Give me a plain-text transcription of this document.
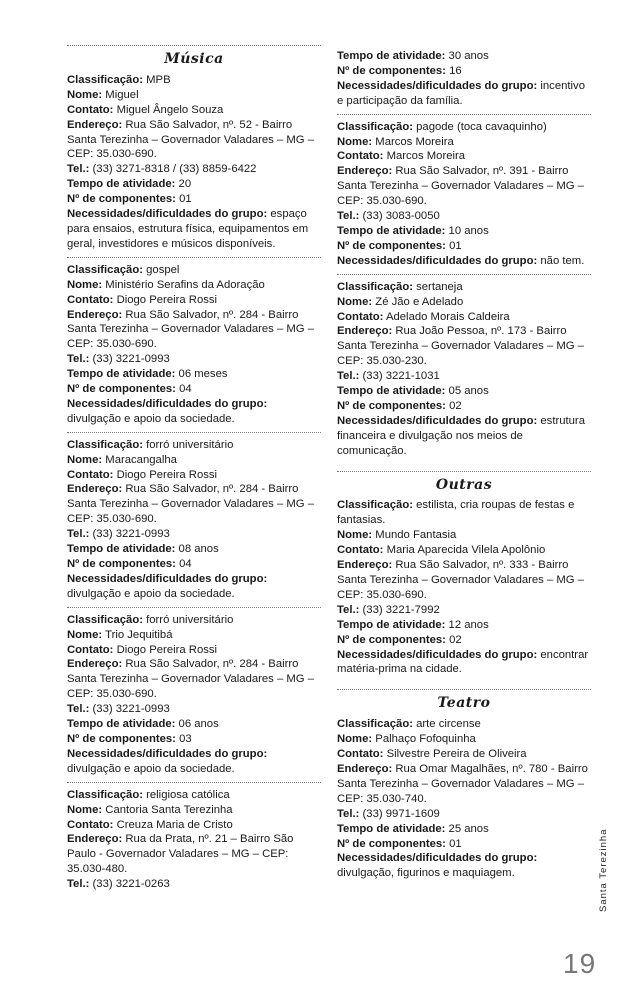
Música
Classificação: MPB
Nome: Miguel
Contato: Miguel Ângelo Souza
Endereço: Rua São Salvador, nº. 52 - Bairro Santa Terezinha – Governador Valadares – MG – CEP: 35.030-690.
Tel.: (33) 3271-8318 / (33) 8859-6422
Tempo de atividade: 20
Nº de componentes: 01
Necessidades/dificuldades do grupo: espaço para ensaios, estrutura física, equipamentos em geral, investidores e músicos disponíveis.
Classificação: gospel
Nome: Ministério Serafins da Adoração
Contato: Diogo Pereira Rossi
Endereço: Rua São Salvador, nº. 284 - Bairro Santa Terezinha – Governador Valadares – MG – CEP: 35.030-690.
Tel.: (33) 3221-0993
Tempo de atividade: 06 meses
Nº de componentes: 04
Necessidades/dificuldades do grupo: divulgação e apoio da sociedade.
Classificação: forró universitário
Nome: Maracangalha
Contato: Diogo Pereira Rossi
Endereço: Rua São Salvador, nº. 284 - Bairro Santa Terezinha – Governador Valadares – MG – CEP: 35.030-690.
Tel.: (33) 3221-0993
Tempo de atividade: 08 anos
Nº de componentes: 04
Necessidades/dificuldades do grupo: divulgação e apoio da sociedade.
Classificação: forró universitário
Nome: Trio Jequitibá
Contato: Diogo Pereira Rossi
Endereço: Rua São Salvador, nº. 284 - Bairro Santa Terezinha – Governador Valadares – MG – CEP: 35.030-690.
Tel.: (33) 3221-0993
Tempo de atividade: 06 anos
Nº de componentes: 03
Necessidades/dificuldades do grupo: divulgação e apoio da sociedade.
Classificação: religiosa católica
Nome: Cantoria Santa Terezinha
Contato: Creuza Maria de Cristo
Endereço: Rua da Prata, nº. 21 – Bairro São Paulo - Governador Valadares – MG – CEP: 35.030-480.
Tel.: (33) 3221-0263
Tempo de atividade: 30 anos
Nº de componentes: 16
Necessidades/dificuldades do grupo: incentivo e participação da família.
Classificação: pagode (toca cavaquinho)
Nome: Marcos Moreira
Contato: Marcos Moreira
Endereço: Rua São Salvador, nº. 391 - Bairro Santa Terezinha – Governador Valadares – MG – CEP: 35.030-690.
Tel.: (33) 3083-0050
Tempo de atividade: 10 anos
Nº de componentes: 01
Necessidades/dificuldades do grupo: não tem.
Classificação: sertaneja
Nome: Zé Jão e Adelado
Contato: Adelado Morais Caldeira
Endereço: Rua João Pessoa, nº. 173 - Bairro Santa Terezinha – Governador Valadares – MG – CEP: 35.030-230.
Tel.: (33) 3221-1031
Tempo de atividade: 05 anos
Nº de componentes: 02
Necessidades/dificuldades do grupo: estrutura financeira e divulgação nos meios de comunicação.
Outras
Classificação: estilista, cria roupas de festas e fantasias.
Nome: Mundo Fantasia
Contato: Maria Aparecida Vilela Apolônio
Endereço: Rua São Salvador, nº. 333 - Bairro Santa Terezinha – Governador Valadares – MG – CEP: 35.030-690.
Tel.: (33) 3221-7992
Tempo de atividade: 12 anos
Nº de componentes: 02
Necessidades/dificuldades do grupo: encontrar matéria-prima na cidade.
Teatro
Classificação: arte circense
Nome: Palhaço Fofoquinha
Contato: Silvestre Pereira de Oliveira
Endereço: Rua Omar Magalhães, nº. 780 - Bairro Santa Terezinha – Governador Valadares – MG – CEP: 35.030-740.
Tel.: (33) 9971-1609
Tempo de atividade: 25 anos
Nº de componentes: 01
Necessidades/dificuldades do grupo: divulgação, figurinos e maquiagem.	Santa Terezinha
19
